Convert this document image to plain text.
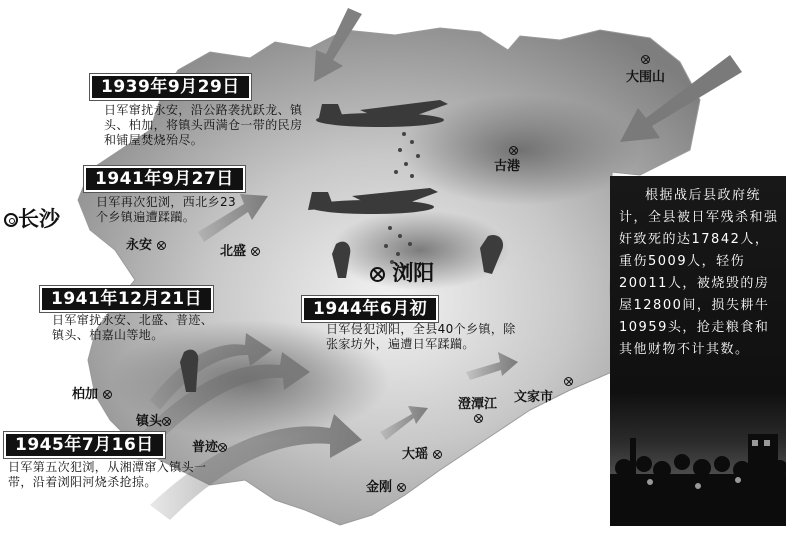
1939年9月29日
日军窜扰永安，沿公路袭扰跃龙、镇头、柏加，将镇头西满仓一带的民房和铺屋焚烧殆尽。
1941年9月27日
日军再次犯浏，西北乡23个乡镇遍遭蹂躏。
1941年12月21日
日军窜扰永安、北盛、普迹、镇头、柏嘉山等地。
1944年6月初
日军侵犯浏阳，全县40个乡镇，除张家坊外，遍遭日军蹂躏。
1945年7月16日
日军第五次犯浏，从湘潭窜入镇头一带，沿着浏阳河烧杀抢掠。
长沙
浏阳
大围山
古港
永安	北盛
柏加
镇头
普迹
澄潭江 文家市
大瑶
金刚
根据战后县政府统计，全县被日军残杀和强奸致死的达17842人，重伤5009人，轻伤20011人，被烧毁的房屋12800间，损失耕牛10959头，抢走粮食和其他财物不计其数。
